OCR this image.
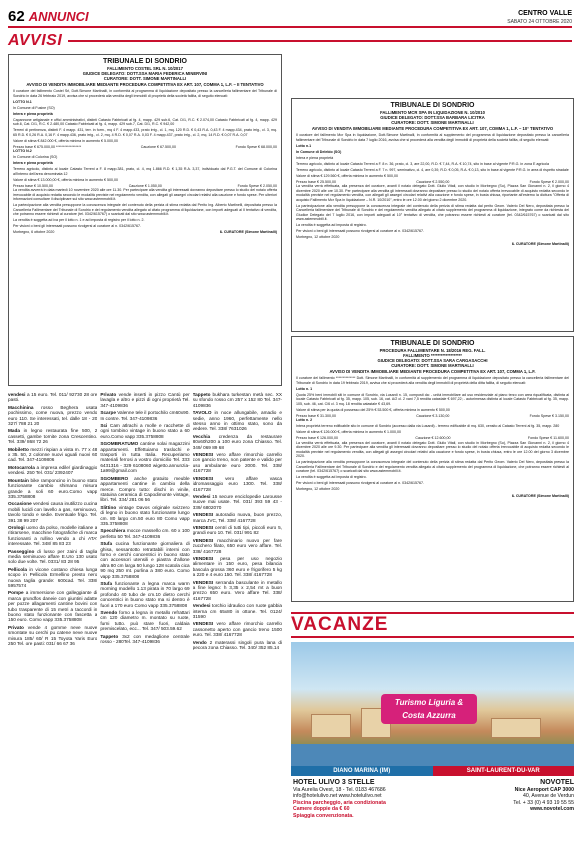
62 ANNUNCI	CENTRO VALLE
SABATO 24 OTTOBRE 2020
AVVISI
TRIBUNALE DI SONDRIO
FALLIMENTO COSTEL SRL N. 10/2017
GIUDICE DELEGATO: DOTT.SSA MARIA FEDERICA MINERVINI
CURATORE: DOTT. SIMONE MARTINALLI
AVVISO DI VENDITA IMMOBILIARE MEDIANTE PROCEDURA COMPETITIVA EX ART. 107, COMMA 1, L.F. – II TENTATIVO

Il curatore del fallimento Costel Srl, Dott.Simone Martinalli, in conformità al programma di liquidazione depositato presso la cancelleria fallimentare del Tribunale di Sondrio in data 26 febbraio 2019, avvisa che si procederà alla vendita degli immobili di proprietà della società fallita, di seguito elencati:

LOTTO N.1

In Comune di Fusine (SO)

Intera e piena proprietà

Capannone artigianale e uffici amministrativi, distinti Catasto Fabbricati al fg. 4, mapp. 429 sub.6, Cat. D/1, R.C. € 2.074,00 Catasto Fabbricati al fg. 4, mapp. 429 sub.6, Cat. D/1, R.C. € 2.480,00 Catasto Fabbricati al fg. 4, mapp. 429 sub.7, Cat. D/1, R.C. € 942,00

Terreni di pertinenza, distinti F. 4 mapp. 431, terr. in form., mq 4 F. 4 mapp.433, prato irrig., cl. 1, mq. 120 R.D. € 0,43 R.A. 0,43 F. 4 mapp.434, prato irrig., cl. 3, mq. 65 R.D. € 0,26 R.A. 0,16 F. 4 mapp.436, prato irrig., cl. 2, mq. 4 R.D. € 0,07 R.A. 0,03 F. 4 mapp.437, prato irrig., cl. 2, mq. 14 R.D. € 0,07 R.A. 0,07

Valore di stima € 842.000 €, offerta minima in aumento € 5.000,00

Prezzo base € 675.000,00 ******************	Cauzione € 67.500,00	Fondo Spese € 68.000,00

LOTTO N.2

In Comune di Colorina (SO)

Intera e piena proprietà

Terreno agricolo, distinto al locale Catasto Terreni a F. 8 mapp.381, prato, cl. 4, mq 1.866 R.D. € 1,35 R.A. 3,37, individuato dal P.G.T. del Comune di Colorina all'interno dell'area denominata 12

Valore di stima € 13.000,00 €, offerta minima in aumento € 500,00

Prezzo base € 10.500,00	Cauzione € 1.050,00	Fondo Spese € 2.050,00

La vendita avverrà in data martedì 10 novembre 2020 alle ore 11.30. Per partecipare alla vendita gli interessati dovranno depositare presso lo studio del notaio offerta irrevocabile di acquisto redatta secondo le modalità previste nel regolamento vendita, con allegati gli assegni circolari relativi alla cauzione e fondo spese. Per ulteriori informazioni consultare il disciplinare sul sito www.astemmobili.it.

La partecipazione alla vendita presuppone la conoscenza integrale del contenuto della perizia di stima redatta dal Perito Ing. Alberto Martinelli, depositata presso la Cancelleria Fallimentare del Tribunale di Sondrio e del regolamento vendita allegato al citato programma di liquidazione, con importi adeguati al II tentativo di vendita, che potranno essere richiesti al curatore (tel. 0342/615767) o scaricati dal sito www.astemmobili.it.

La vendita è soggetta ad iva per il lotto n. 1 e ad imposta di registro per il lotto n. 2.

Per visioni o beni gli interessati possono rivolgersi al curatore al n. 0342/615767.

Morbegno, 6 ottobre 2020	IL CURATORE (Simone Martinalli)
TRIBUNALE DI SONDRIO
FALLIMENTO MCR SPA IN LIQUIDAZIONE N. 10/2010
GIUDICE DELEGATO: DOTT.SSA BARBARA LICITRA
CURATORE: DOTT. SIMONE MARTINALLI
AVVISO DI VENDITA IMMOBILIARE MEDIANTE PROCEDURA COMPETITIVA EX ART. 107, COMMA 1, L.F. – 10° TENTATIVO

Il curatore del fallimento Mcr Spa in liquidazione, Dott.Simone Martinalli, in conformità al supplemento del programma di liquidazione depositato presso la cancelleria fallimentare del Tribunale di Sondrio in data 7 luglio 2016, avvisa che si procederà alla vendita degli immobili di proprietà della società fallita, di seguito elencati:

Lotto n.1

In Comune di Delebio (SO)

Intera e piena proprietà

Terreno agricolo, distinto al locale Catasto Terreni a F. 8 n. 36, prato, cl. 3, are 22,00, R.D. € 7,44, R.A. € 10,74, sito in base al vigente P.R.G. in zona E agricola

Terreno agricolo, distinto al locale Catasto Terreni a F. 7 n. 997, seminativo, cl. 4, are 0,39, R.D. € 0,05, R.A. € 0,13, sito in base al vigente P.R.G. in area di rispetto stradale

Valore di stima € 129.560 €, offerta minima in aumento € 500,00

Prezzo base € 25.500,00	Cauzione € 2.550,00	Fondo Spese € 2.000,00

La vendita verrà effettuata, alla presenza del curatore, avanti il notaio delegato Dott. Giulio Vitali, con studio in Morbegno (So), Piazza San Giovanni n. 2, il giorno 4 dicembre 2020 alle ore 10.30. Per partecipare alla vendita gli interessati dovranno depositare presso lo studio del notaio offerta irrevocabile di acquisto redatta secondo le modalità previste nel regolamento vendita, con allegati gli assegni circolari relativi alla cauzione e fondo spese, in busta chiusa, riportante all'esterno la dicitura "Offerta di acquisto Fallimento Mcr Spa in liquidazione – N.R. 10/2010", entro le ore 12.00 del giorno 2 dicembre 2020.

La partecipazione alla vendita presuppone la conoscenza integrale del contenuto della perizia di stima redatta dal perito Geom. Valerio Del Nero, depositata presso la Cancelleria fallimentare del Tribunale di Sondrio e del regolamento vendita allegato al citato supplemento del programma di liquidazione, integrato come da richiesta del Giudice Delegato del 7 luglio 2016, con importi adeguati al 10° tentativo di vendita, che potranno essere richiesti al curatore (tel. 0342/615767) o scaricati dal sito www.astemmobili.it.

La vendita è soggetta ad imposta di registro.

Per visioni o beni gli interessati possono rivolgersi al curatore al n. 0342/615767.

Morbegno, 12 ottobre 2020

IL CURATORE (Simone Martinalli)
TRIBUNALE DI SONDRIO
PROCEDURA FALLIMENTARE N. 18/2016 REG. FALL.
FALLIMENTO *******************
GIUDICE DELEGATO: DOTT.SSA SARA CARGASACCHI
CURATORE: DOTT. SIMONE MARTINALLI
AVVISO DI VENDITA IMMOBILIARE MEDIANTE PROCEDURA COMPETITIVA EX ART. 107, COMMA 1, L.F.

Il curatore del fallimento ************** Dott. Simone Martinalli, in conformità al supplemento del programma di liquidazione depositato presso la cancelleria fallimentare del Tribunale di Sondrio in data 19 febbraio 2019, avvisa che si procederà alla vendita degli immobili di proprietà della ditta fallita, di seguito elencati:

Lotto n. 1

Quota 25% beni immobili siti in comune di Sondrio, via Lusardi n. 15, composti da: - unità immobiliare ad uso residenziale al piano terzo con area riqualificata, distinta al locale Catasto Fabbricati al fg. 35, mapp. 105, sub. 16, cat. A/2 cl. 2 vani 7,5 rendita catastale € 697,22; - autorimessa distinta al locale Catasto Fabbricati al fg. 35, mapp. 105, sub. 46, cat. C/6 cl. 3 mq. 18 rendita catastale € 43,69.

Valore di stima per la quota di possesso del 25% € 53.500 €, offerta minima in aumento € 500,00

Prezzo base € 31.300,00	Cauzione € 3.130,00	Fondo Spese € 3.150,00

Lotto n. 2

Intera proprietà terreno edificabile sito in comune di Sondrio (accesso dalla via Lusardi) - terreno edificabile di mq. 630, censito al Catasto Terreni al fg. 35, mapp. 280

Valore di stima € 126.000 €, offerta minima in aumento € 1.000,00

Prezzo base € 126.000,00	Cauzione € 12.600,00	Fondo Spese € 11.600,00

La vendita verrà effettuata, alla presenza del curatore, avanti il notaio delegato Dott. Giulio Vitali, con studio in Morbegno (So), Piazza San Giovanni n. 2, il giorno 4 dicembre 2020 alle ore 9.30. Per partecipare alla vendita gli interessati dovranno depositare presso lo studio del notaio offerta irrevocabile di acquisto redatta secondo le modalità previste nel regolamento vendita, con allegati gli assegni circolari relativi alla cauzione e fondo spese, in busta chiusa, entro le ore 12.00 del giorno 3 dicembre 2020.

La partecipazione alla vendita presuppone la conoscenza integrale del contenuto della perizia di stima redatta dal Perito Geom. Valerio Del Nero, depositata presso la Cancelleria Fallimentare del Tribunale di Sondrio e del regolamento vendita allegato al citato supplemento del programma di liquidazione, che potranno essere richiesti al curatore (tel. 0342/615767) o scaricati dal sito www.astemmobili.it.

La vendita è soggetta ad imposta di registro.

Per visioni o beni gli interessati possono rivolgersi al curatore al n. 0342/615767.

Morbegno, 12 ottobre 2020

IL CURATORE (Simone Martinalli)

vendesi a 15 euro. Tel. 011/ 92730 28 ore pasti.

Macchinina rosso Beghera usata pochissimo, come nuova, prezzo vendo euro 110. Se interessati, tel. dalle 18 - 20 327/ 788 21 20

Mada in legno restaurata fine 500, 2 cassetti, gambe tornite zona Crescentino. Tel. 339/ 868 72 26

Mobiletto mezzi rispian a vista m. 77 x 48 x 35. 50, 2 colonne nuovi uguali nuovi 60 cad. Tel. 347-4109806

Motocarrola a impresa edile/ giardinaggio vendesi. 250 Tel. 031/ 2392407

Mountain bike ramponcino in buono stato funzionante cambio shimano misura grande a soli 60 euro.Como vapp 335.3758808

Occasione vendesi causa inutilizzo cucina mobili lucidi con lavello a gas, seminuovo, tavolo tondo e sedie. Eventuale frigo. Tel. 391 38 99 207

Orologi uomo da polso, modelle italiane a ritirarsene, macchine fotografiche di marca funzionanti a rullino vendo a chi ATA' interessate. Tel. 348/ 85 83 23

Passeggino di lusso per zaini di taglia media seminuovo affare E.Uro 130 usato solo due volte. Tel. 0331/ 83 28 95

Pellicola in vicone costano chiesa lunga scopo in Pellicola Ermellino presto nero nuova taglia grande: 600cad. Tel. 338/ 5957574

Pompe a immersione con galleggiante di marca grundfos daneie con giuntini adatte per pozze allagamenti cantine bovini con tubo trasparente di 15 metri a taccordi in buono stato funzionante con fascetta a 150 euro. Como vapp 335.3758808

Privato vende 4 gomme neve nuove smontate su cerchi pu catene neve nuove misura 185/ 60/ R 15 Toyota Yaris Euro 250 Tel. ore pasti: 031/ 66 67 36

Privato vende inserti in pizzo Cantù per lavagla e altro e pizzi di ogni proprietà Tel. 347-4109836

Scarpe Valenne tele il portochilo cm60x90. In contre. Tel. 347-4109836

Sci Cam atlrachi a molle e racchette di ogni tombino vintage in buono stato a 60 euro.Como vapp 335.3758808

SGOMBRATUMO cantine solai magazzini appartamenti. Effettuiamo traslochi e trasporti in tutta Italia. Recuperiamo materiali ferrosi a vostro domicilio Tel. 333 6431316 - 329 6108060 wigetto.annunzia-1a99@gmail.com

SGOMBERO anche gratuito meuble appartamenti cantine in cambio della merce. Compro tutto: dischi in vinile, statuina ceramica di Capodimonte vintage, libri. Tel. 334/ 281 06 56

Slittino vintage Davos originale svizzero di legno in buono stato funzionante lungo cm. 80 largo cm.50 euro 80 Como vapp 335.3758808

Specchiera mocce massello cm. 60 x 100 perfetto 50 Tel. 347-4109836

Stufa cucina funzionante giornaliera di ghisa, sessantotto retrattabili interni con forno e cerchi concentrici in buono stato con accessori utensili e piastra d'allone altra 80 cm larga 50 lungo 128 scatola cica 90 mq 250 mt. purlina a 380 euro. Como vapp 335.3758808

Stufa funzionante a legna marca warm morning modello 1.13 pirata in 70 largo 69 profondo 40 tubo de cm.10 dietro cerchi concentrici in buono stato ma si dentro è fuori a 170 euro Como vapp 335.3758808

Svendo forno a legna in metallo refrattari cm 120 diametro m. montato su ruote, furni tutto. può stare fuori, caldaia premiscelato, ecc... Tel. 347/ 503.59.62

Tappeto 3x2 con medaglione centrale rosso - 280Tel. 347-4109836

Tappeto bukhara turkestan metà sec. XX su sfondo rosso cm 257 x 152 80 Tel. 347-4109836

TAVOLO in noce allungabile, amadio e sedie, anno 1960, perfettamente nello stesso anno in ottimo stato, sono da vedere. Tel. 338/ 7631026

Vecchia credenza da restaurare 80x60h200 a 100 euro zona Chiasso. Tel. 349/ 069 89 68

VENDESI vero affare rimorchio carrello con gancio treno, non patente e valido per uso ambulante euro 2000. Tel. 338/ 4167728

VENDESI vero affare vasca idromassaggio euro 1300. Tel. 338/ 4167728

Vendesi 15 secure enciclopedie Larousse nuove mai usate. Tel. 031/ 393 59 43 - 339/ 6802070

VENDESI autoradio nuova, buon prezzo, marca JVC, Tel. 338/ 4167728

VENDESI centri di tutti tipi, piccoli euro 5, grandi euro 10. Tel. 031/ 991 82

VENDESI macchinario nuovo per fare zucchero filato, 650 euro vero affare. Tel. 338/ 4167728

VENDESI pesa per uso negozio alimentare in 150 euro, pesa bilancia bascula grossa 360 euro e frigorifero 5 kg a 220 e 4 euro 150. Tel. 338/ 4167728

VENDESI serranda basculante in metallo a fine legno: h 3,35 x 2,54 mt a buon prezzo 650 euro. Vero affare Tel. 338/ 4167728

Vendesi torchio idraulico con ruote gabbia interna cm 65x80 in ottone. Tel. 0124/ 31590

VENDESI vero affare rimorchio carrello cassonetto aperto con gancio treno 1500 euro. Tel. 338/ 4167728

Vendo 2 materassi singoli pura lana di pecora zona Chiasso. Tel. 340/ 352 85.14

VACANZE
Turismo Liguria &
Costa Azzurra
DIANO MARINA (IM)	SAINT-LAURENT-DU-VAR
HOTEL ULIVO 3 STELLE
Via Aurelia Ovest, 18 - Tel. 0183 467686
info@hotelulivo.net www.hotelulivo.net
Piscina parcheggio, aria condizionata
Camere doppie da € 60
Spiaggia convenzionata.
NOVOTEL
Nice Aeroport CAP 3000
40, Avenue de Verdun
Tel. + 33 (0) 4 93 19 55 55
www.novotel.com
